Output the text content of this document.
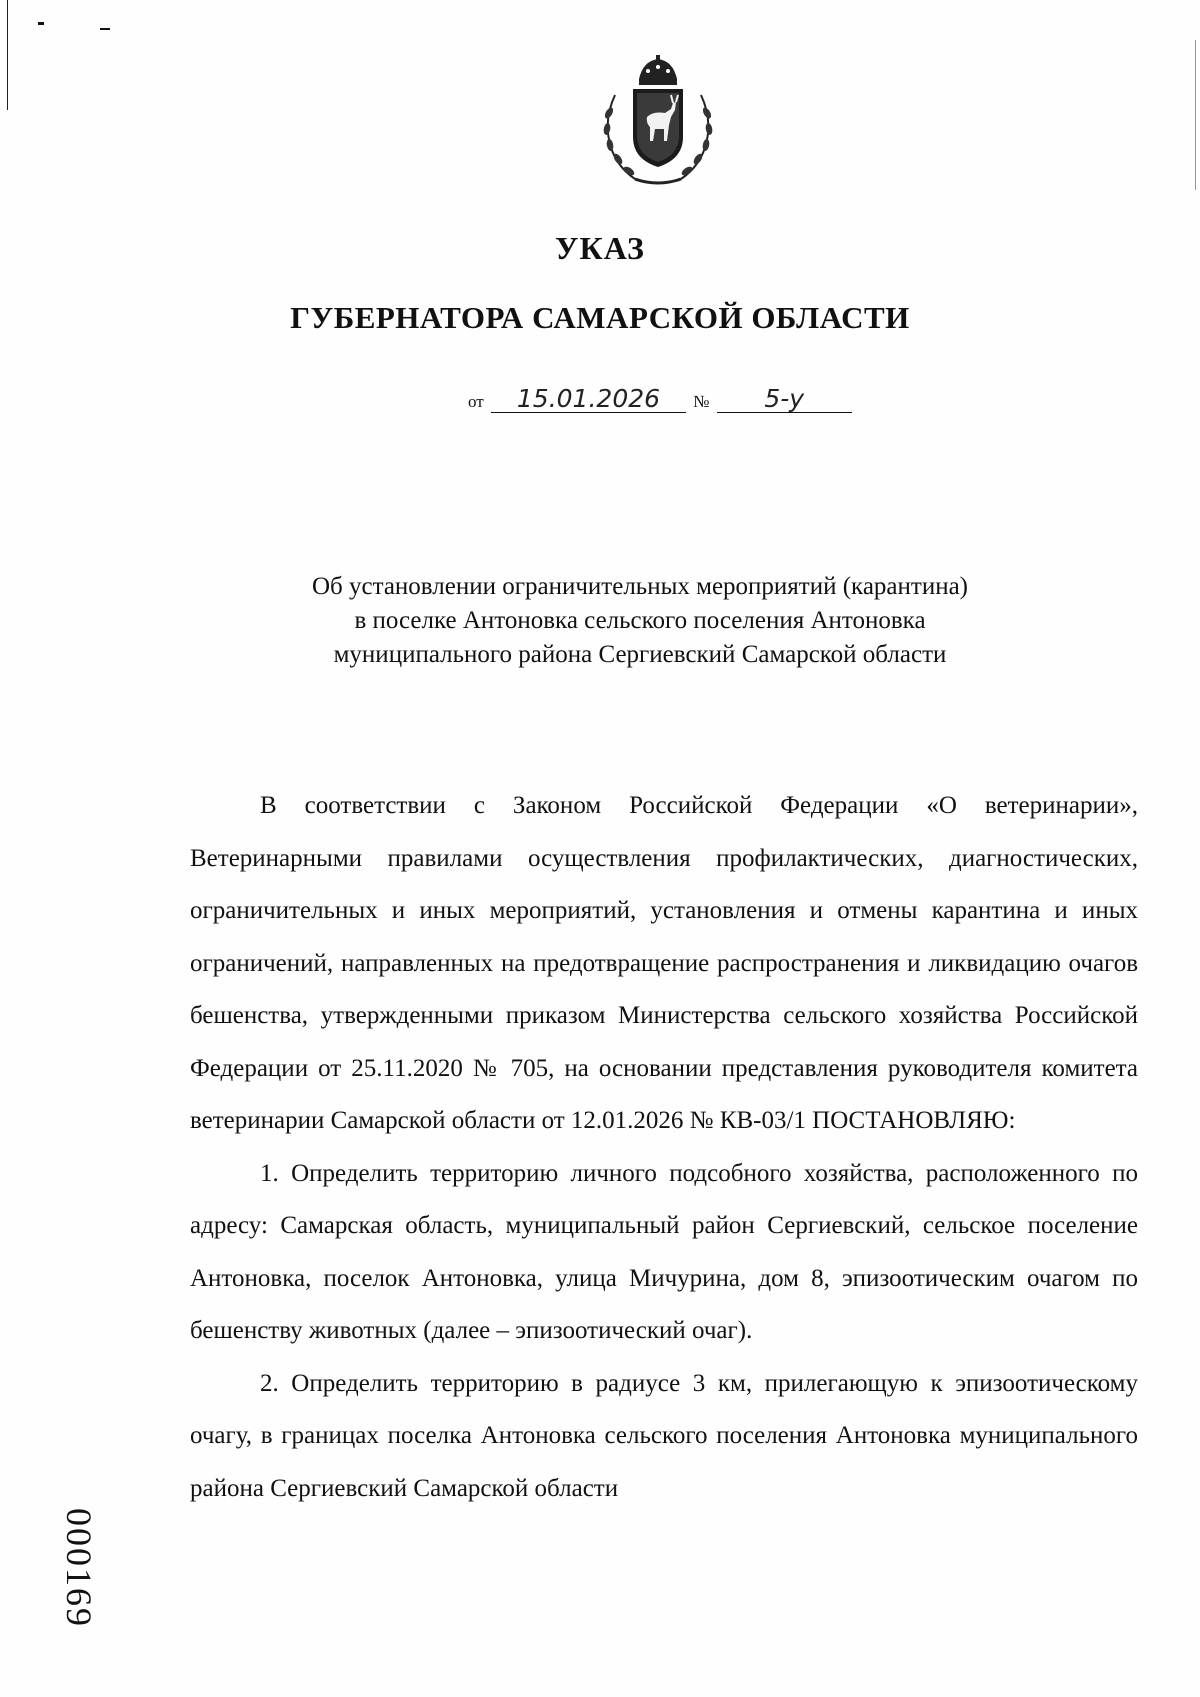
УКАЗ
ГУБЕРНАТОРА САМАРСКОЙ ОБЛАСТИ
от 15.01.2026 № 5-у
Об установлении ограничительных мероприятий (карантина)
в поселке Антоновка сельского поселения Антоновка
муниципального района Сергиевский Самарской области

В соответствии с Законом Российской Федерации «О ветеринарии», Ветеринарными правилами осуществления профилактических, диагностических, ограничительных и иных мероприятий, установления и отмены карантина и иных ограничений, направленных на предотвращение распространения и ликвидацию очагов бешенства, утвержденными приказом Министерства сельского хозяйства Российской Федерации от 25.11.2020 № 705, на основании представления руководителя комитета ветеринарии Самарской области от 12.01.2026 № КВ-03/1 ПОСТАНОВЛЯЮ:

1. Определить территорию личного подсобного хозяйства, расположенного по адресу: Самарская область, муниципальный район Сергиевский, сельское поселение Антоновка, поселок Антоновка, улица Мичурина, дом 8, эпизоотическим очагом по бешенству животных (далее – эпизоотический очаг).

2. Определить территорию в радиусе 3 км, прилегающую к эпизоотическому очагу, в границах поселка Антоновка сельского поселения Антоновка муниципального района Сергиевский Самарской области

000169
